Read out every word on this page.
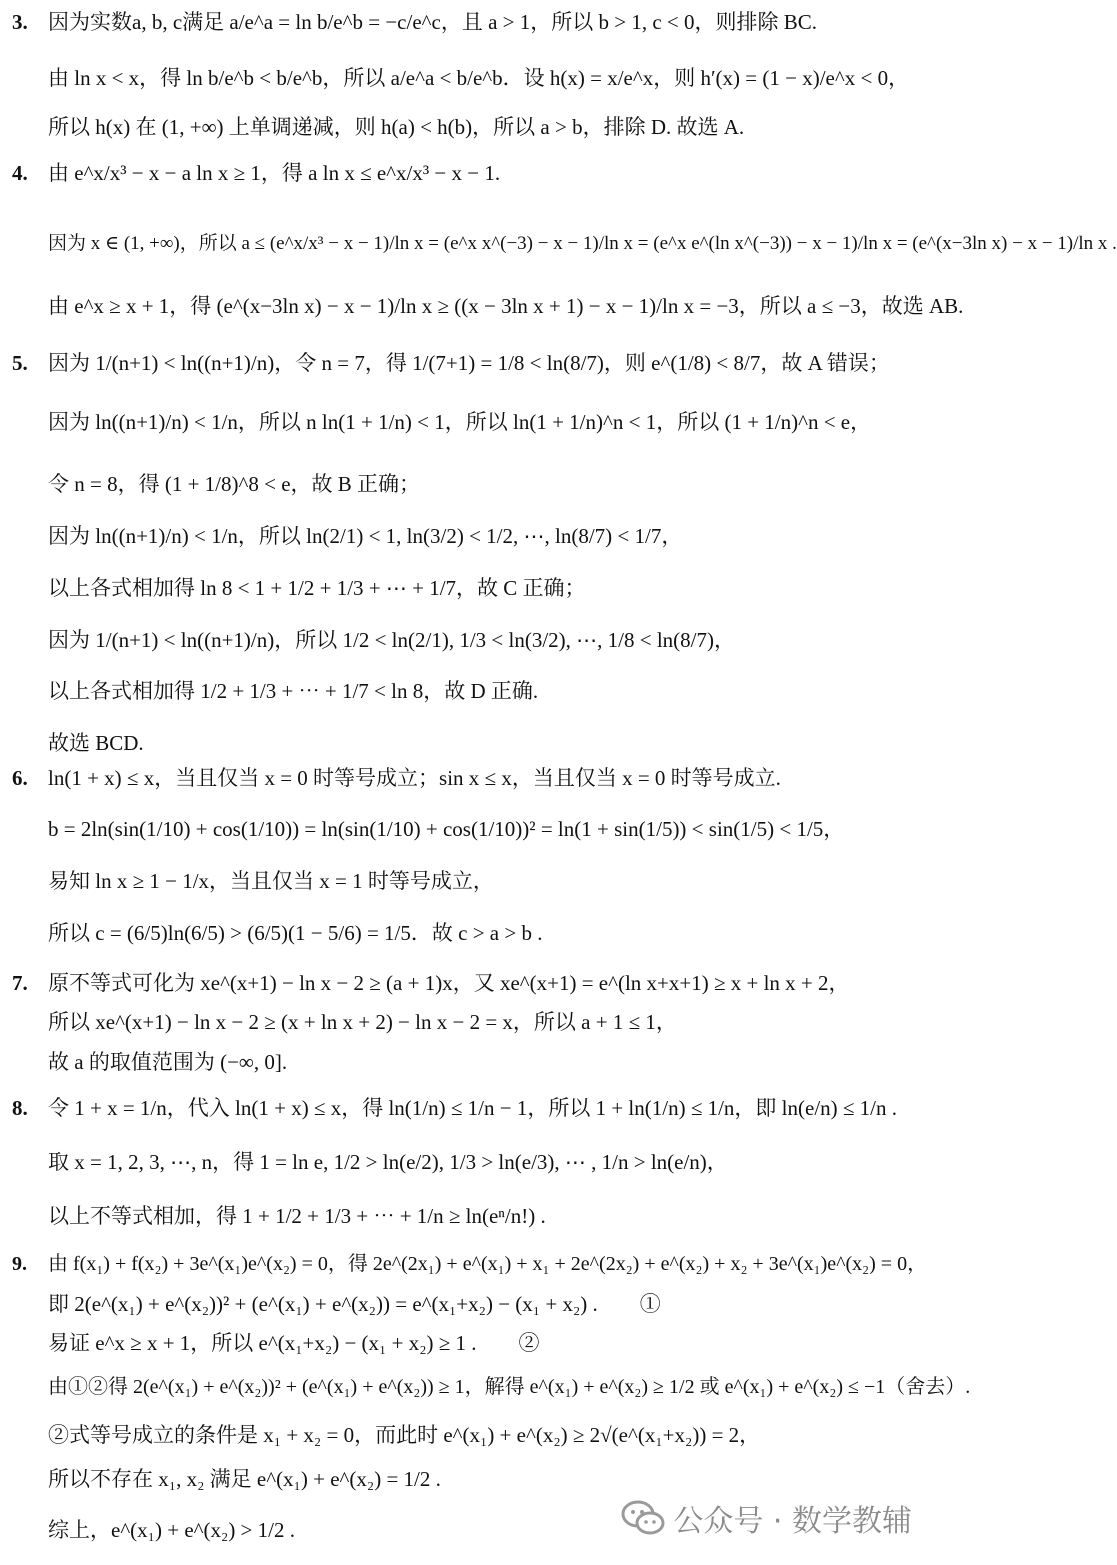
3. 因为实数a, b, c满足 a/e^a = ln b/e^b = −c/e^c，且 a > 1，所以 b > 1, c < 0，则排除 BC.
由 ln x < x，得 ln b/e^b < b/e^b，所以 a/e^a < b/e^b．设 h(x) = x/e^x，则 h′(x) = (1 − x)/e^x < 0，
所以 h(x) 在 (1, +∞) 上单调递减，则 h(a) < h(b)，所以 a > b，排除 D. 故选 A.
4. 由 e^x/x³ − x − a ln x ≥ 1，得 a ln x ≤ e^x/x³ − x − 1.
因为 x ∈ (1, +∞)，所以 a ≤ (e^x/x³ − x − 1)/ln x = (e^x x^(−3) − x − 1)/ln x = (e^x e^(ln x^(−3)) − x − 1)/ln x = (e^(x−3ln x) − x − 1)/ln x .
由 e^x ≥ x + 1，得 (e^(x−3ln x) − x − 1)/ln x ≥ ((x − 3ln x + 1) − x − 1)/ln x = −3，所以 a ≤ −3，故选 AB.
5. 因为 1/(n+1) < ln((n+1)/n)，令 n = 7，得 1/(7+1) = 1/8 < ln(8/7)，则 e^(1/8) < 8/7，故 A 错误；
因为 ln((n+1)/n) < 1/n，所以 n ln(1 + 1/n) < 1，所以 ln(1 + 1/n)^n < 1，所以 (1 + 1/n)^n < e，
令 n = 8，得 (1 + 1/8)^8 < e，故 B 正确；
因为 ln((n+1)/n) < 1/n，所以 ln(2/1) < 1, ln(3/2) < 1/2, ⋯, ln(8/7) < 1/7，
以上各式相加得 ln 8 < 1 + 1/2 + 1/3 + ⋯ + 1/7，故 C 正确；
因为 1/(n+1) < ln((n+1)/n)，所以 1/2 < ln(2/1), 1/3 < ln(3/2), ⋯, 1/8 < ln(8/7)，
以上各式相加得 1/2 + 1/3 + ⋯ + 1/7 < ln 8，故 D 正确.
故选 BCD.
6. ln(1 + x) ≤ x，当且仅当 x = 0 时等号成立；sin x ≤ x，当且仅当 x = 0 时等号成立.
b = 2ln(sin(1/10) + cos(1/10)) = ln(sin(1/10) + cos(1/10))² = ln(1 + sin(1/5)) < sin(1/5) < 1/5，
易知 ln x ≥ 1 − 1/x，当且仅当 x = 1 时等号成立，
所以 c = (6/5)ln(6/5) > (6/5)(1 − 5/6) = 1/5．故 c > a > b .
7. 原不等式可化为 xe^(x+1) − ln x − 2 ≥ (a + 1)x，又 xe^(x+1) = e^(ln x+x+1) ≥ x + ln x + 2，
所以 xe^(x+1) − ln x − 2 ≥ (x + ln x + 2) − ln x − 2 = x，所以 a + 1 ≤ 1，
故 a 的取值范围为 (−∞, 0].
8. 令 1 + x = 1/n，代入 ln(1 + x) ≤ x，得 ln(1/n) ≤ 1/n − 1，所以 1 + ln(1/n) ≤ 1/n，即 ln(e/n) ≤ 1/n .
取 x = 1, 2, 3, ⋯, n，得 1 = ln e, 1/2 > ln(e/2), 1/3 > ln(e/3), ⋯ , 1/n > ln(e/n)，
以上不等式相加，得 1 + 1/2 + 1/3 + ⋯ + 1/n ≥ ln(eⁿ/n!) .
9. 由 f(x₁) + f(x₂) + 3e^(x₁)e^(x₂) = 0，得 2e^(2x₁) + e^(x₁) + x₁ + 2e^(2x₂) + e^(x₂) + x₂ + 3e^(x₁)e^(x₂) = 0，
即 2(e^(x₁) + e^(x₂))² + (e^(x₁) + e^(x₂)) = e^(x₁+x₂) − (x₁ + x₂) .　　①
易证 e^x ≥ x + 1，所以 e^(x₁+x₂) − (x₁ + x₂) ≥ 1 .　　②
由①②得 2(e^(x₁) + e^(x₂))² + (e^(x₁) + e^(x₂)) ≥ 1，解得 e^(x₁) + e^(x₂) ≥ 1/2 或 e^(x₁) + e^(x₂) ≤ −1（舍去）.
②式等号成立的条件是 x₁ + x₂ = 0，而此时 e^(x₁) + e^(x₂) ≥ 2√(e^(x₁+x₂)) = 2，
所以不存在 x₁, x₂ 满足 e^(x₁) + e^(x₂) = 1/2 .
综上，e^(x₁) + e^(x₂) > 1/2 .	公众号 · 数学教辅
